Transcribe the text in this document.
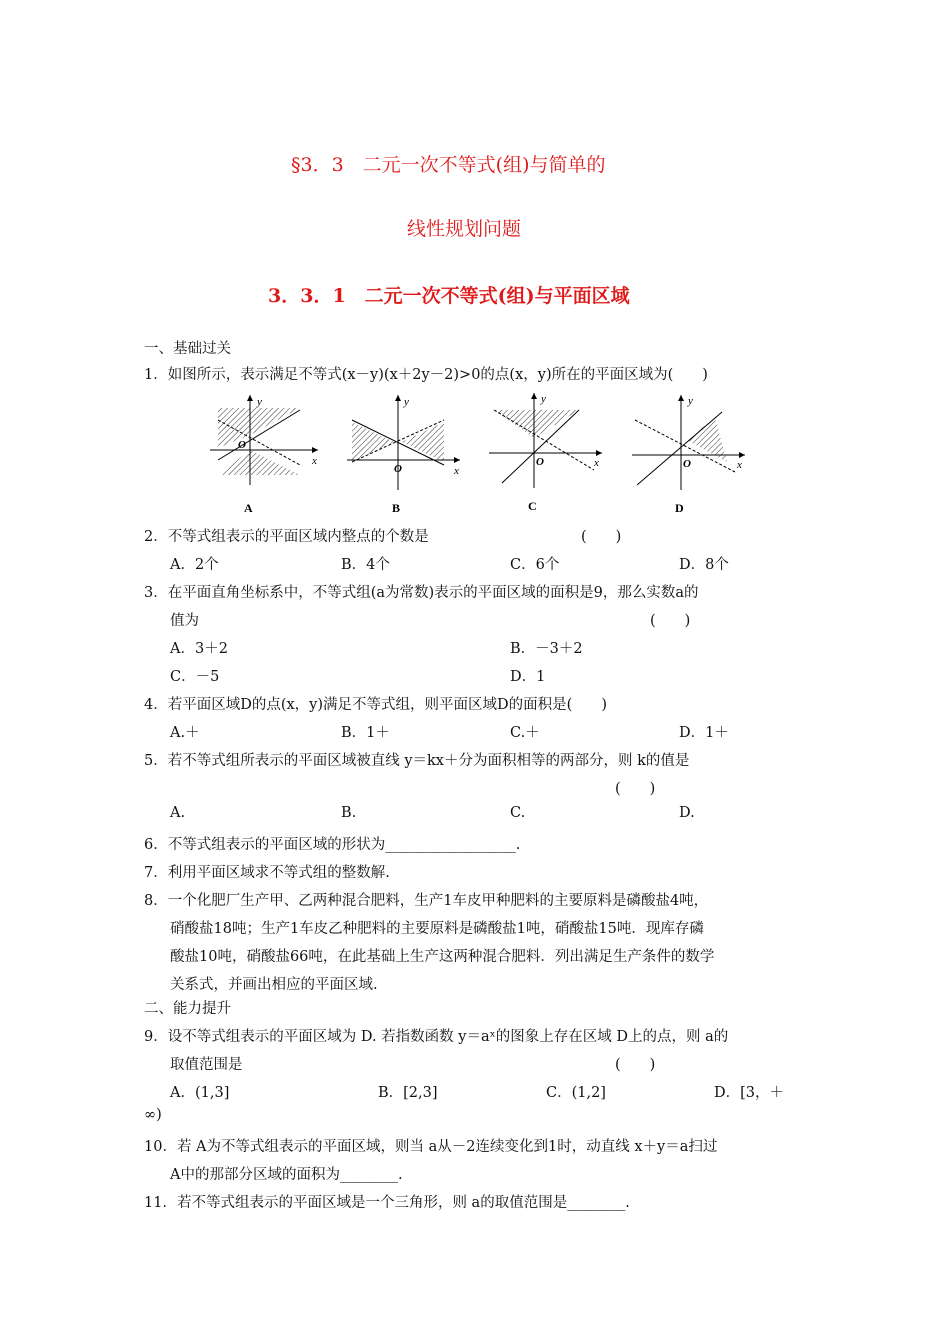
§3．3　二元一次不等式(组)与简单的
线性规划问题
3．3．1　二元一次不等式(组)与平面区域
一、基础过关
1．如图所示，表示满足不等式(x－y)(x＋2y－2)>0的点(x，y)所在的平面区域为(　　)
y
x
O
A
y
x
O
B
y
x
O
C
y
x
O
D
2．不等式组表示的平面区域内整点的个数是	(　　)
A．2个	B．4个	C．6个	D．8个
3．在平面直角坐标系中，不等式组(a为常数)表示的平面区域的面积是9，那么实数a的
值为	(　　)
A．3＋2	B．－3＋2
C．－5	D．1
4．若平面区域D的点(x，y)满足不等式组，则平面区域D的面积是(　　)
A.＋	B．1＋	C.＋	D．1＋
5．若不等式组所表示的平面区域被直线 y＝kx＋分为面积相等的两部分，则 k的值是
(　　)
A.	B.	C.	D.
6．不等式组表示的平面区域的形状为__________________.
7．利用平面区域求不等式组的整数解.
8．一个化肥厂生产甲、乙两种混合肥料，生产1车皮甲种肥料的主要原料是磷酸盐4吨，
硝酸盐18吨；生产1车皮乙种肥料的主要原料是磷酸盐1吨，硝酸盐15吨．现库存磷
酸盐10吨，硝酸盐66吨，在此基础上生产这两种混合肥料．列出满足生产条件的数学
关系式，并画出相应的平面区域.
二、能力提升
9．设不等式组表示的平面区域为 D. 若指数函数 y＝aˣ的图象上存在区域 D上的点，则 a的
取值范围是	(　　)
A．(1,3]	B．[2,3]	C．(1,2]	D．[3，＋
∞)
10．若 A为不等式组表示的平面区域，则当 a从－2连续变化到1时，动直线 x＋y＝a扫过
A中的那部分区域的面积为________.
11．若不等式组表示的平面区域是一个三角形，则 a的取值范围是________.
